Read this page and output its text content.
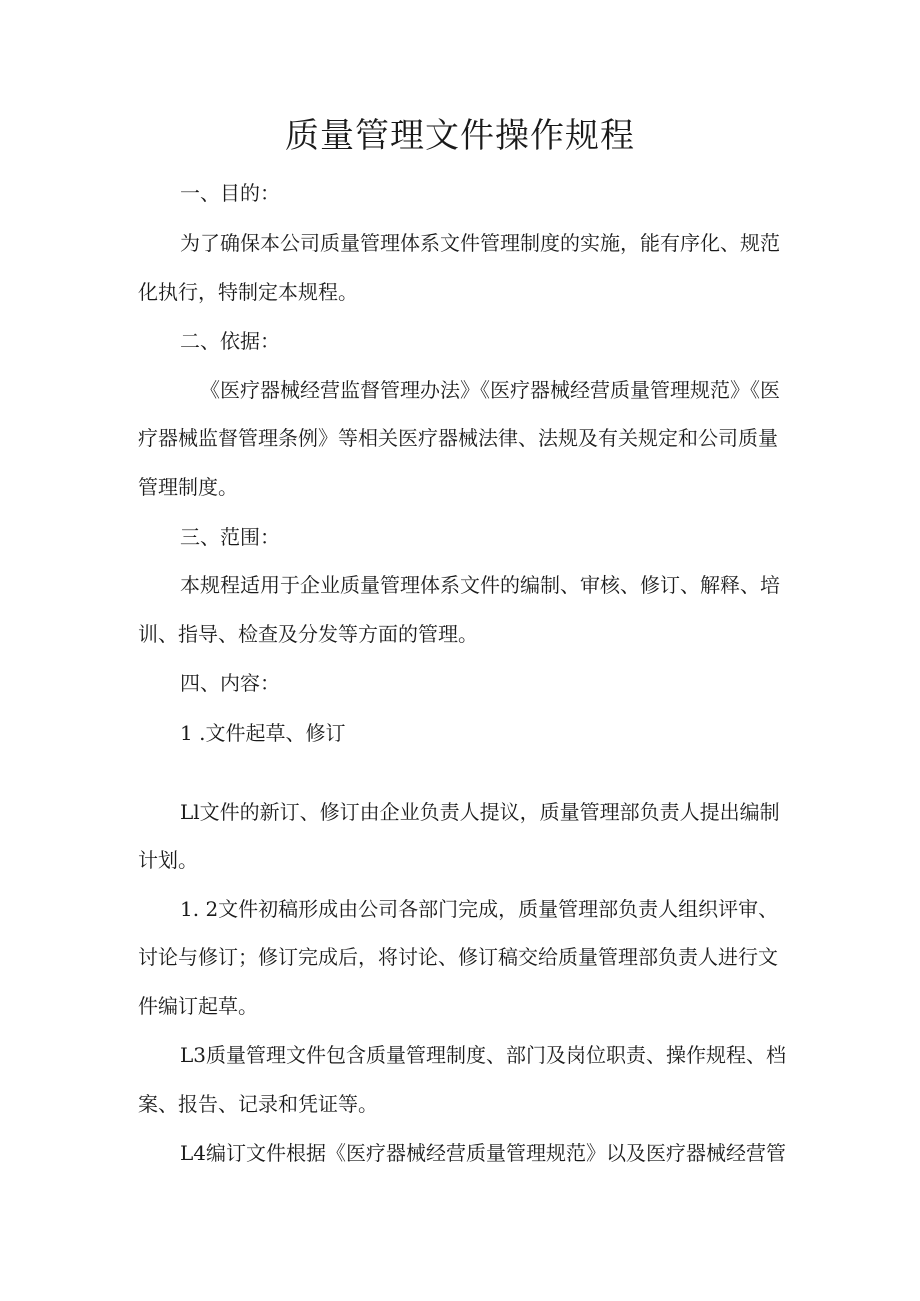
质量管理文件操作规程
一、目的：
为了确保本公司质量管理体系文件管理制度的实施，能有序化、规范
化执行，特制定本规程。
二、依据：
《医疗器械经营监督管理办法》《医疗器械经营质量管理规范》《医
疗器械监督管理条例》等相关医疗器械法律、法规及有关规定和公司质量
管理制度。
三、范围：
本规程适用于企业质量管理体系文件的编制、审核、修订、解释、培
训、指导、检查及分发等方面的管理。
四、内容：
1 .文件起草、修订
Ll文件的新订、修订由企业负责人提议，质量管理部负责人提出编制
计划。
1. 2文件初稿形成由公司各部门完成，质量管理部负责人组织评审、
讨论与修订；修订完成后，将讨论、修订稿交给质量管理部负责人进行文
件编订起草。
L3质量管理文件包含质量管理制度、部门及岗位职责、操作规程、档
案、报告、记录和凭证等。
L4编订文件根据《医疗器械经营质量管理规范》以及医疗器械经营管
